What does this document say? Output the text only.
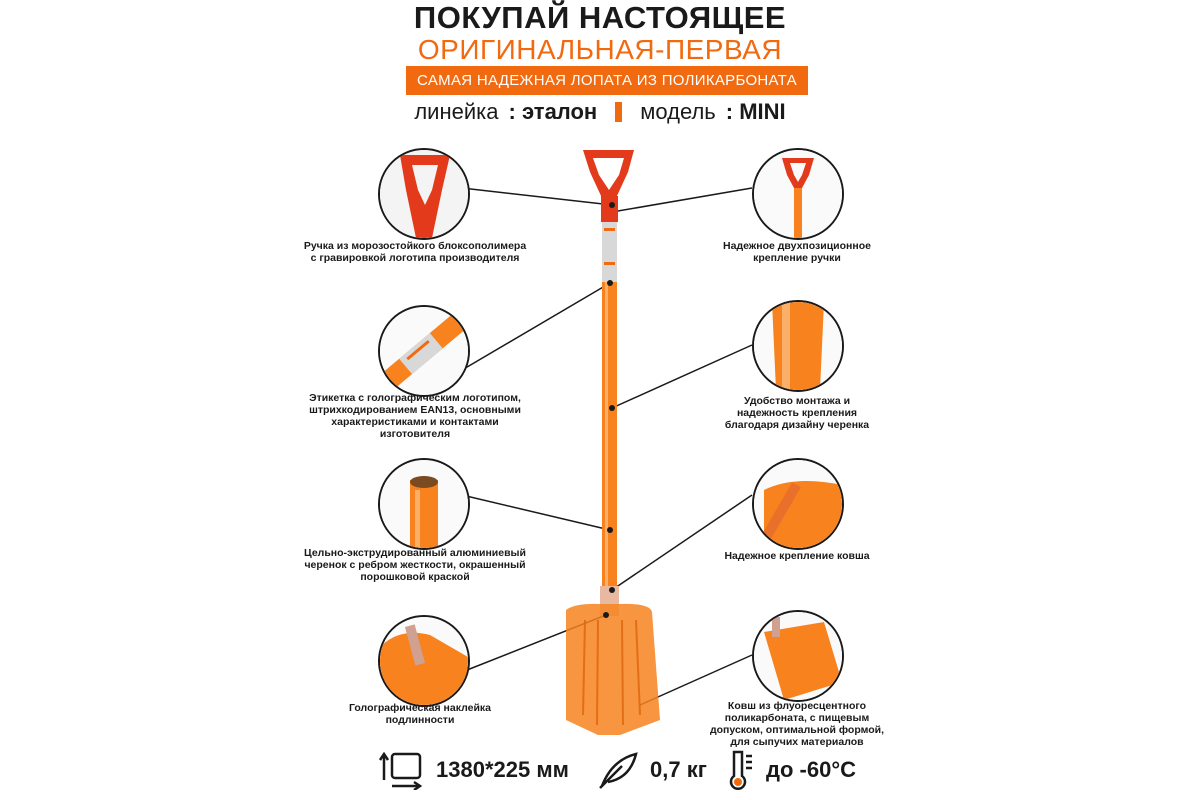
ПОКУПАЙ НАСТОЯЩЕЕ
ОРИГИНАЛЬНАЯ-ПЕРВАЯ
САМАЯ НАДЕЖНАЯ ЛОПАТА ИЗ ПОЛИКАРБОНАТА
линейка : эталон модель : MINI
Ручка из морозостойкого блоксополимера с гравировкой логотипа производителя
Этикетка с голографическим логотипом, штрихкодированием EAN13, основными характеристиками и контактами изготовителя
Цельно-экструдированный алюминиевый черенок с ребром жесткости, окрашенный порошковой краской
Голографическая наклейка подлинности
Надежное двухпозиционное крепление ручки
Удобство монтажа и надежность крепления благодаря дизайну черенка
Надежное крепление ковша
Ковш из флуоресцентного поликарбоната, с пищевым допуском, оптимальной формой, для сыпучих материалов
1380*225 мм	0,7 кг	до -60°С
